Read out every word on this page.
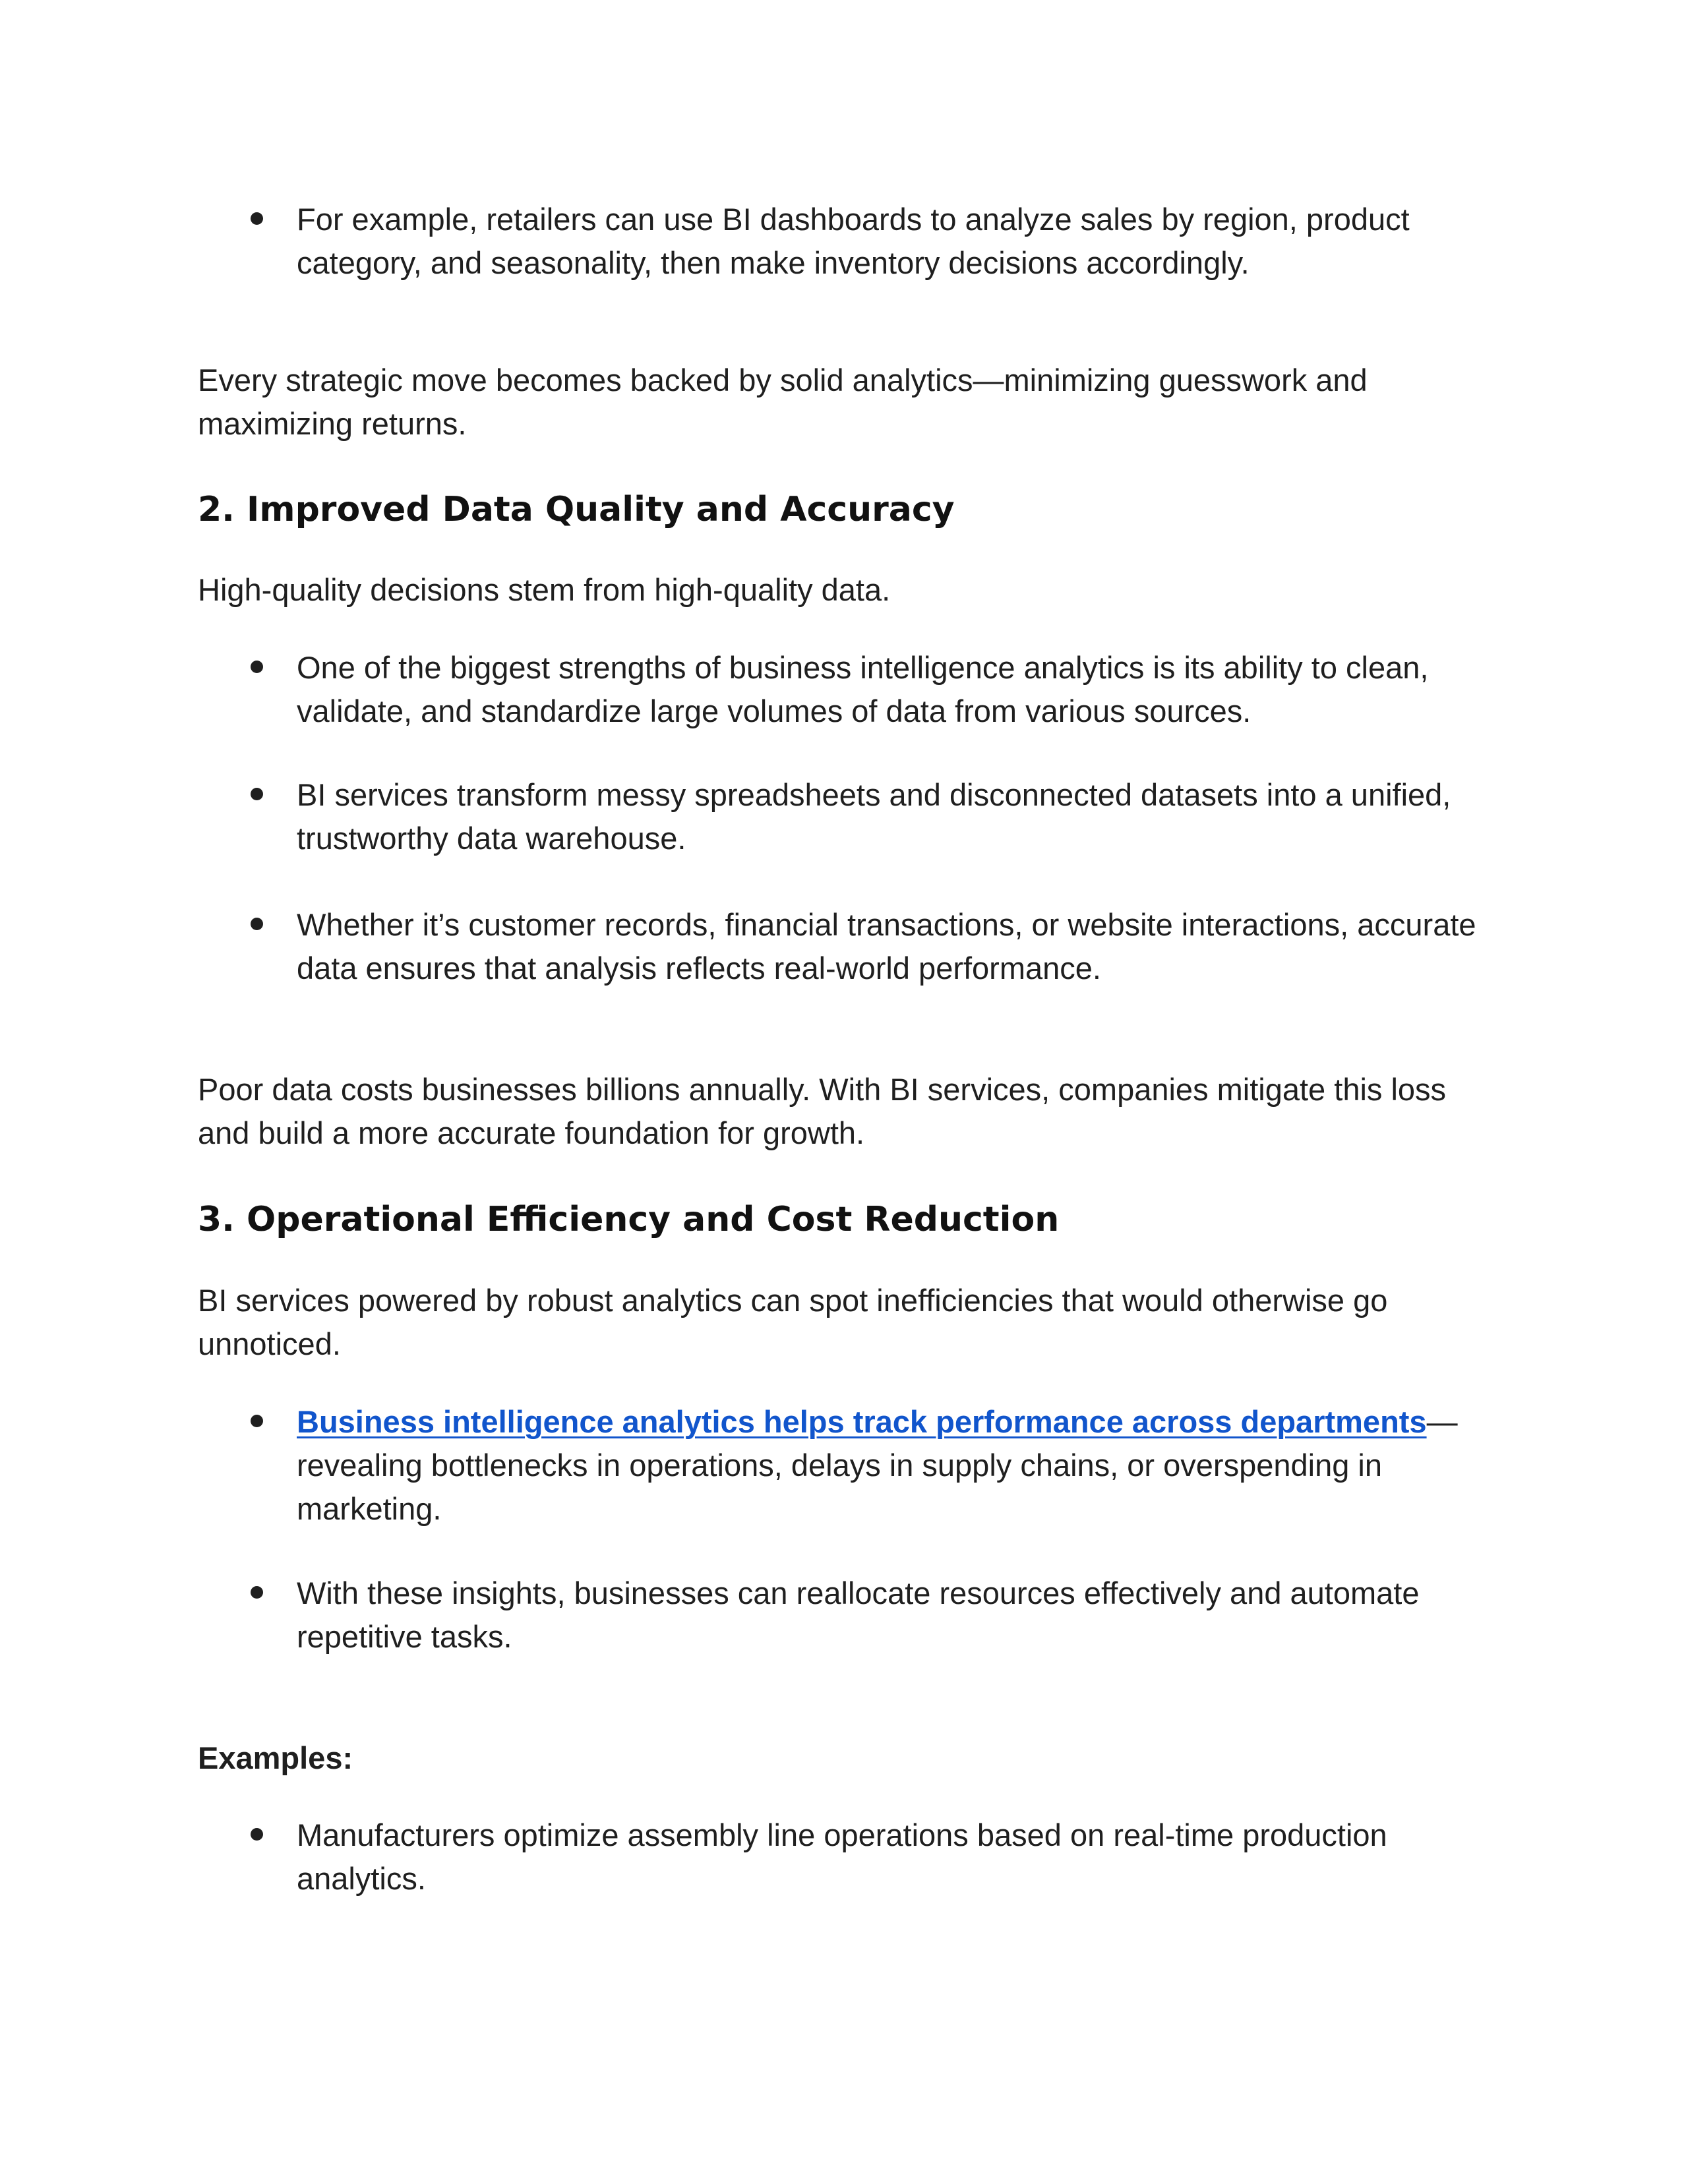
For example, retailers can use BI dashboards to analyze sales by region, product category, and seasonality, then make inventory decisions accordingly.

Every strategic move becomes backed by solid analytics—minimizing guesswork and maximizing returns.

2. Improved Data Quality and Accuracy

High-quality decisions stem from high-quality data.

One of the biggest strengths of business intelligence analytics is its ability to clean, validate, and standardize large volumes of data from various sources.
BI services transform messy spreadsheets and disconnected datasets into a unified, trustworthy data warehouse.
Whether it’s customer records, financial transactions, or website interactions, accurate data ensures that analysis reflects real-world performance.

Poor data costs businesses billions annually. With BI services, companies mitigate this loss and build a more accurate foundation for growth.

3. Operational Efficiency and Cost Reduction

BI services powered by robust analytics can spot inefficiencies that would otherwise go unnoticed.

Business intelligence analytics helps track performance across departments—revealing bottlenecks in operations, delays in supply chains, or overspending in marketing.
With these insights, businesses can reallocate resources effectively and automate repetitive tasks.

Examples:

Manufacturers optimize assembly line operations based on real-time production analytics.
